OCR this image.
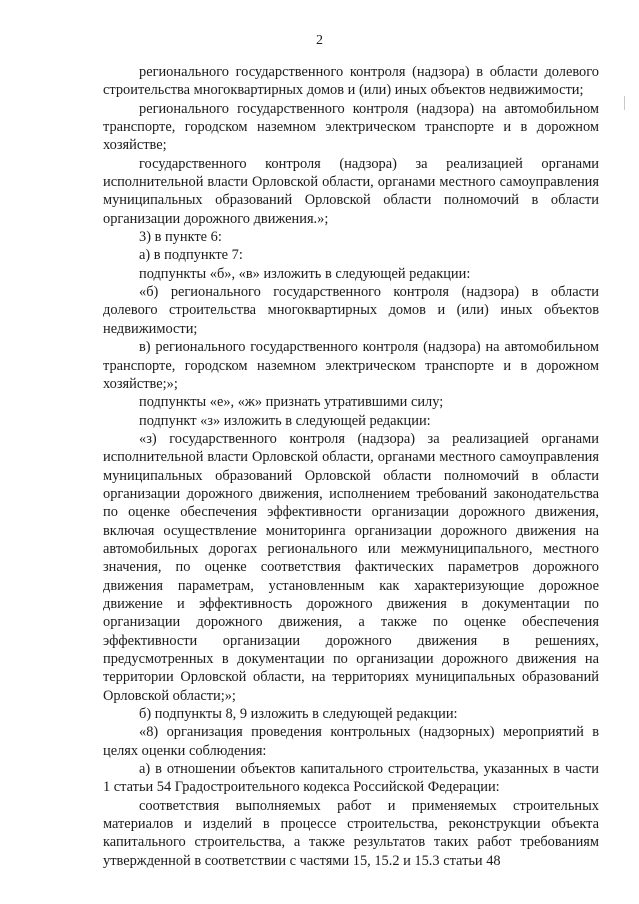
2

регионального государственного контроля (надзора) в области долевого строительства многоквартирных домов и (или) иных объектов недвижимости;

регионального государственного контроля (надзора) на автомобильном транспорте, городском наземном электрическом транспорте и в дорожном хозяйстве;

государственного контроля (надзора) за реализацией органами исполнительной власти Орловской области, органами местного самоуправления муниципальных образований Орловской области полномочий в области организации дорожного движения.»;

3) в пункте 6:

а) в подпункте 7:

подпункты «б», «в» изложить в следующей редакции:

«б) регионального государственного контроля (надзора) в области долевого строительства многоквартирных домов и (или) иных объектов недвижимости;

в) регионального государственного контроля (надзора) на автомобильном транспорте, городском наземном электрическом транспорте и в дорожном хозяйстве;»;

подпункты «е», «ж» признать утратившими силу;

подпункт «з» изложить в следующей редакции:

«з) государственного контроля (надзора) за реализацией органами исполнительной власти Орловской области, органами местного самоуправления муниципальных образований Орловской области полномочий в области организации дорожного движения, исполнением требований законодательства по оценке обеспечения эффективности организации дорожного движения, включая осуществление мониторинга организации дорожного движения на автомобильных дорогах регионального или межмуниципального, местного значения, по оценке соответствия фактических параметров дорожного движения параметрам, установленным как характеризующие дорожное движение и эффективность дорожного движения в документации по организации дорожного движения, а также по оценке обеспечения эффективности организации дорожного движения в решениях, предусмотренных в документации по организации дорожного движения на территории Орловской области, на территориях муниципальных образований Орловской области;»;

б) подпункты 8, 9 изложить в следующей редакции:

«8) организация проведения контрольных (надзорных) мероприятий в целях оценки соблюдения:

а) в отношении объектов капитального строительства, указанных в части 1 статьи 54 Градостроительного кодекса Российской Федерации:

соответствия выполняемых работ и применяемых строительных материалов и изделий в процессе строительства, реконструкции объекта капитального строительства, а также результатов таких работ требованиям утвержденной в соответствии с частями 15, 15.2 и 15.3 статьи 48
